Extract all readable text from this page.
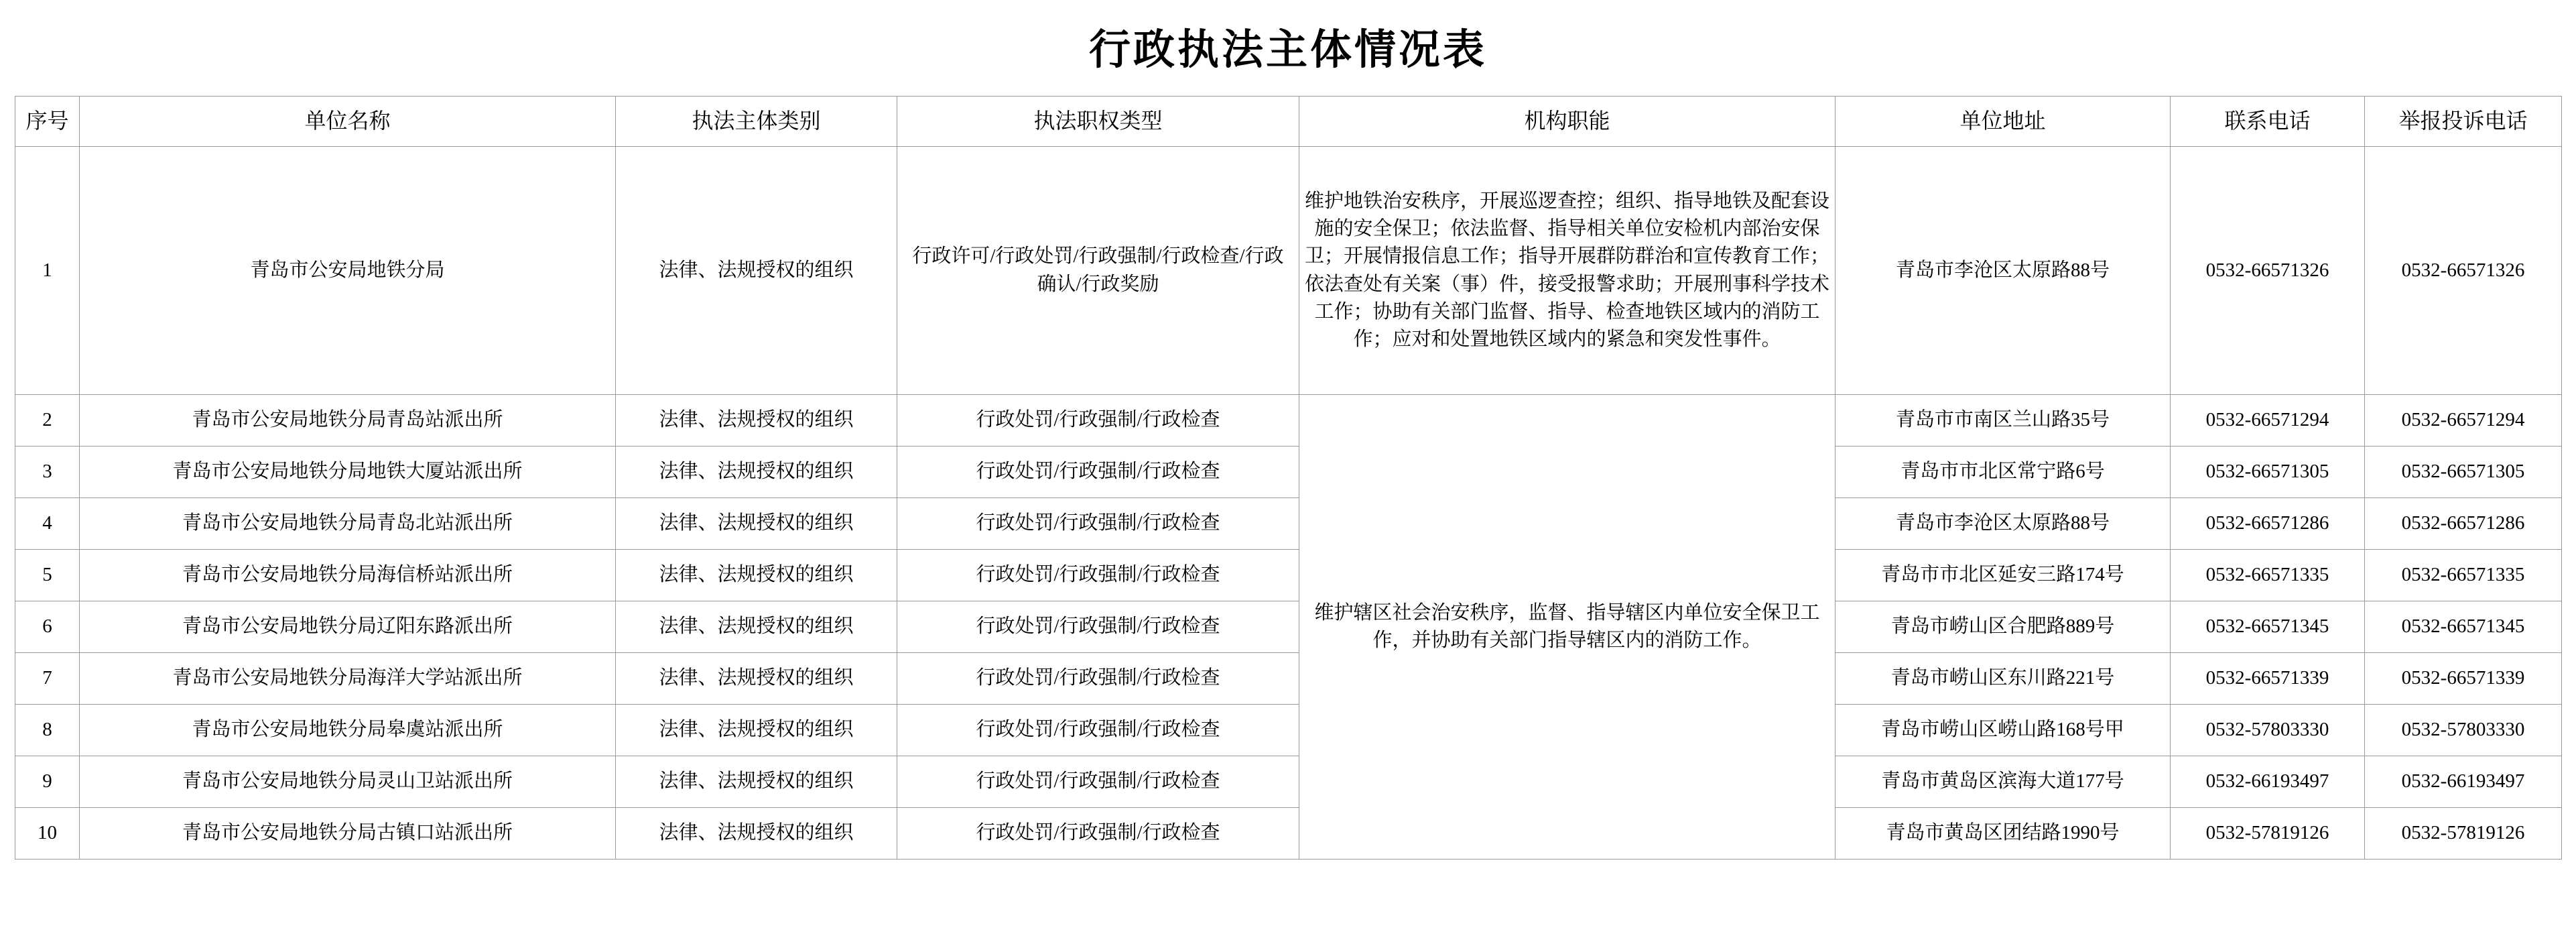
行政执法主体情况表
序号	单位名称	执法主体类别	执法职权类型	机构职能	单位地址	联系电话	举报投诉电话
1	青岛市公安局地铁分局	法律、法规授权的组织	行政许可/行政处罚/行政强制/行政检查/行政确认/行政奖励	维护地铁治安秩序，开展巡逻查控；组织、指导地铁及配套设施的安全保卫；依法监督、指导相关单位安检机内部治安保卫；开展情报信息工作；指导开展群防群治和宣传教育工作；依法查处有关案（事）件，接受报警求助；开展刑事科学技术工作；协助有关部门监督、指导、检查地铁区域内的消防工作；应对和处置地铁区域内的紧急和突发性事件。	青岛市李沧区太原路88号	0532-66571326	0532-66571326
2	青岛市公安局地铁分局青岛站派出所	法律、法规授权的组织	行政处罚/行政强制/行政检查	维护辖区社会治安秩序，监督、指导辖区内单位安全保卫工作，并协助有关部门指导辖区内的消防工作。	青岛市市南区兰山路35号	0532-66571294	0532-66571294
3	青岛市公安局地铁分局地铁大厦站派出所	法律、法规授权的组织	行政处罚/行政强制/行政检查		青岛市市北区常宁路6号	0532-66571305	0532-66571305
4	青岛市公安局地铁分局青岛北站派出所	法律、法规授权的组织	行政处罚/行政强制/行政检查		青岛市李沧区太原路88号	0532-66571286	0532-66571286
5	青岛市公安局地铁分局海信桥站派出所	法律、法规授权的组织	行政处罚/行政强制/行政检查		青岛市市北区延安三路174号	0532-66571335	0532-66571335
6	青岛市公安局地铁分局辽阳东路派出所	法律、法规授权的组织	行政处罚/行政强制/行政检查		青岛市崂山区合肥路889号	0532-66571345	0532-66571345
7	青岛市公安局地铁分局海洋大学站派出所	法律、法规授权的组织	行政处罚/行政强制/行政检查		青岛市崂山区东川路221号	0532-66571339	0532-66571339
8	青岛市公安局地铁分局皋虞站派出所	法律、法规授权的组织	行政处罚/行政强制/行政检查		青岛市崂山区崂山路168号甲	0532-57803330	0532-57803330
9	青岛市公安局地铁分局灵山卫站派出所	法律、法规授权的组织	行政处罚/行政强制/行政检查		青岛市黄岛区滨海大道177号	0532-66193497	0532-66193497
10	青岛市公安局地铁分局古镇口站派出所	法律、法规授权的组织	行政处罚/行政强制/行政检查		青岛市黄岛区团结路1990号	0532-57819126	0532-57819126
